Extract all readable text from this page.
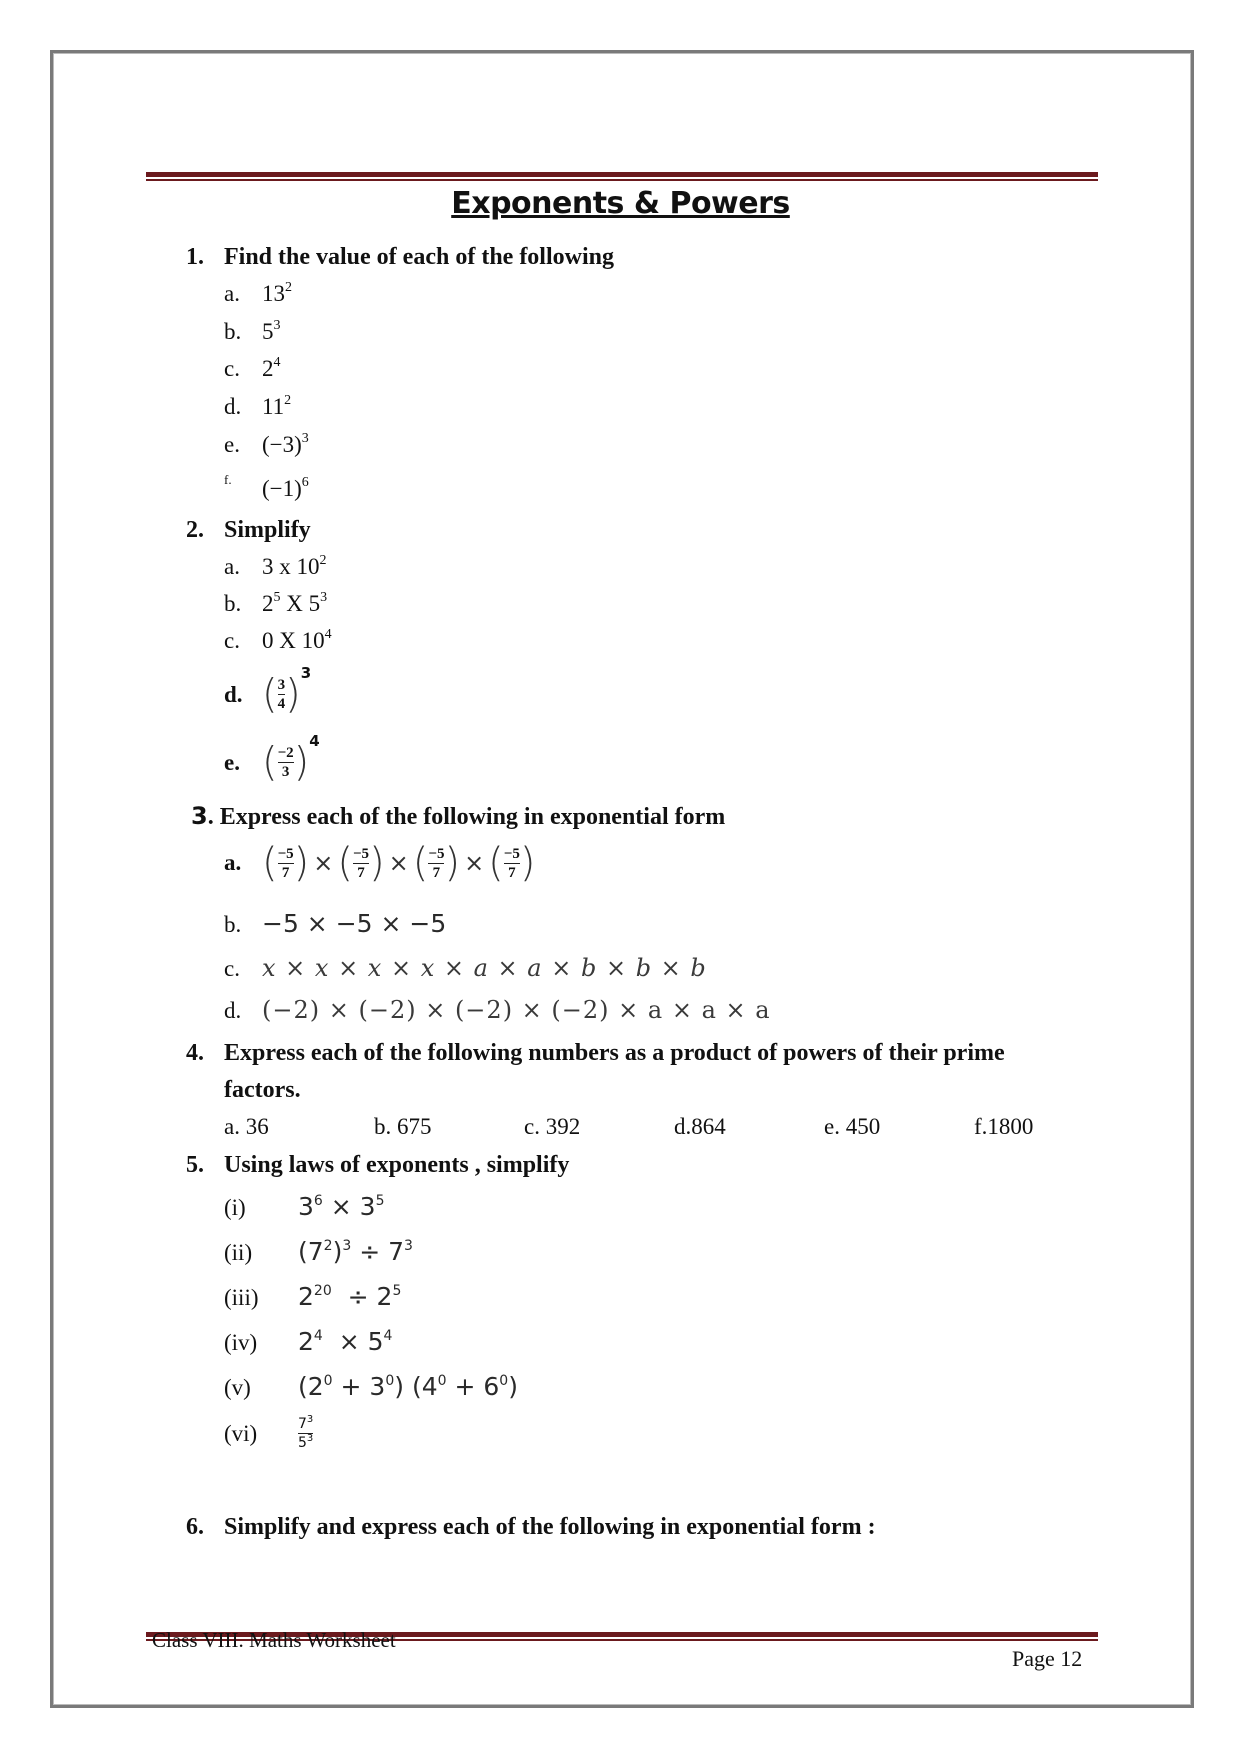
Exponents & Powers
1. Find the value of each of the following
a. $13^2$
b. $5^3$
c. $2^4$
d. $11^2$
e. $(-3)^3$
f. $(-1)^6$
2. Simplify
a. 3 x $10^2$
b. $2^5$ X $5^3$
c. 0 X $10^4$
d. ( $\frac{3}{4} )^3$
e. ( $\frac{-2}{3} )^4$
3. Express each of the following in exponential form
a. ( $\frac{-5}{7}$ ) × ( $\frac{-5}{7}$ ) × ( $\frac{-5}{7}$ ) × ( $\frac{-5}{7}$ )
b. −5 × −5 × −5
c. x × x × x × x × a × a × b × b × b
d. (−2) × (−2) × (−2) × (−2) × a × a × a
4. Express each of the following numbers as a product of powers of their prime
factors.
a. 36	b. 675	c. 392	d.864	e. 450	f.1800
5. Using laws of exponents , simplify
(i) $3^6 \times 3^5$
(ii) $(7^2)^3 \div 7^3$
(iii) $2^{20} \div 2^5$
(iv) $2^4 \times 5^4$
(v) $(2^0 + 3^0) (4^0 + 6^0)$
(vi)	$\frac{7^3}{5^3}$
6. Simplify and express each of the following in exponential form :
Class VIII. Maths Worksheet
Page 12
